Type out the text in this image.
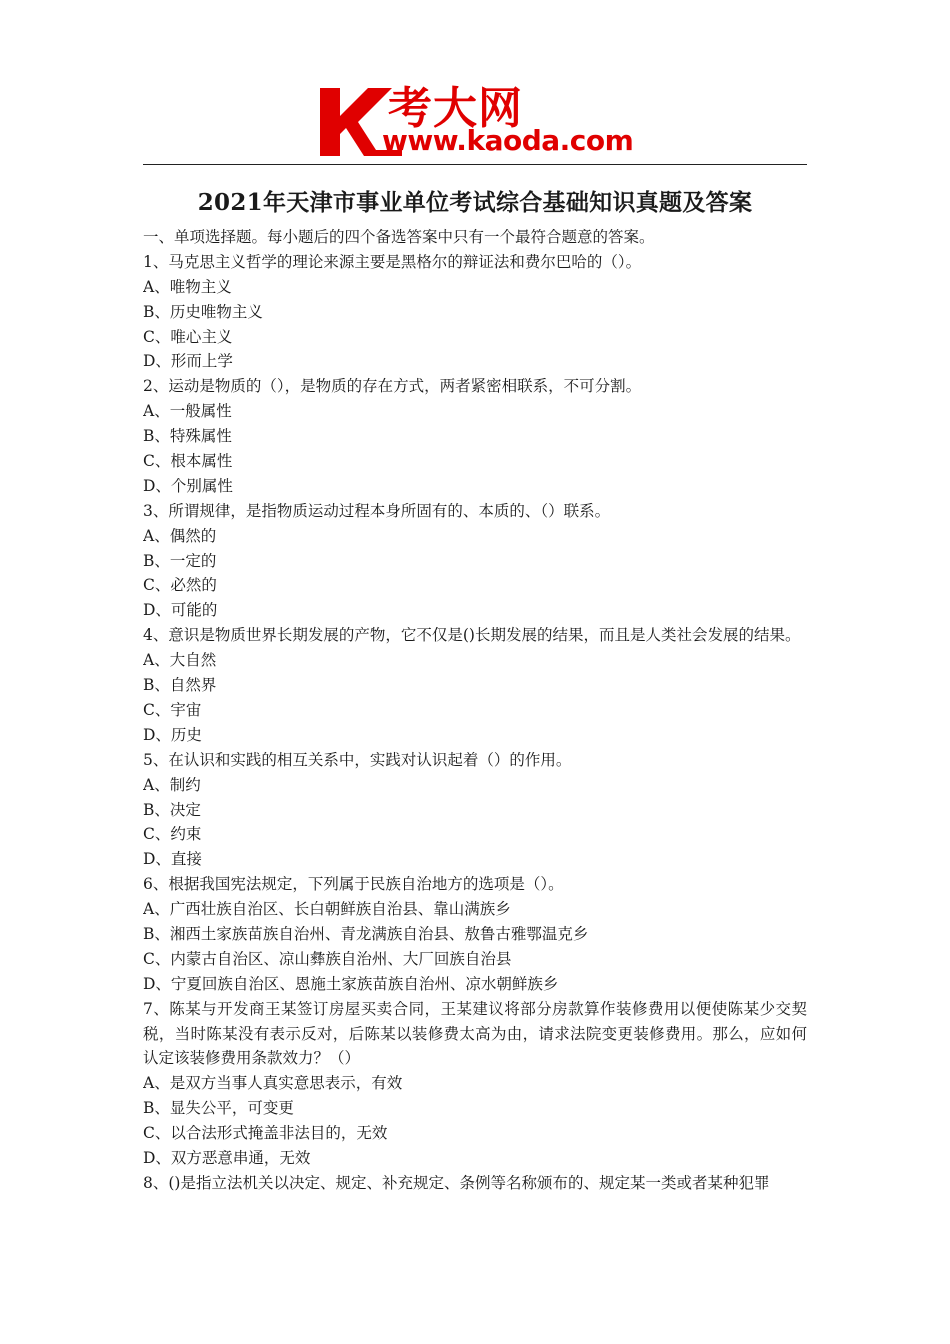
考大网
www.kaoda.com
2021年天津市事业单位考试综合基础知识真题及答案
一、单项选择题。每小题后的四个备选答案中只有一个最符合题意的答案。
1、马克思主义哲学的理论来源主要是黑格尔的辩证法和费尔巴哈的（）。
A、唯物主义
B、历史唯物主义
C、唯心主义
D、形而上学
2、运动是物质的（），是物质的存在方式，两者紧密相联系，不可分割。
A、一般属性
B、特殊属性
C、根本属性
D、个别属性
3、所谓规律，是指物质运动过程本身所固有的、本质的、（）联系。
A、偶然的
B、一定的
C、必然的
D、可能的
4、意识是物质世界长期发展的产物，它不仅是()长期发展的结果，而且是人类社会发展的结果。
A、大自然
B、自然界
C、宇宙
D、历史
5、在认识和实践的相互关系中，实践对认识起着（）的作用。
A、制约
B、决定
C、约束
D、直接
6、根据我国宪法规定，下列属于民族自治地方的选项是（）。
A、广西壮族自治区、长白朝鲜族自治县、靠山满族乡
B、湘西土家族苗族自治州、青龙满族自治县、敖鲁古雅鄂温克乡
C、内蒙古自治区、凉山彝族自治州、大厂回族自治县
D、宁夏回族自治区、恩施土家族苗族自治州、凉水朝鲜族乡
7、陈某与开发商王某签订房屋买卖合同，王某建议将部分房款算作装修费用以便使陈某少交契税，当时陈某没有表示反对，后陈某以装修费太高为由，请求法院变更装修费用。那么，应如何认定该装修费用条款效力？（）
A、是双方当事人真实意思表示，有效
B、显失公平，可变更
C、以合法形式掩盖非法目的，无效
D、双方恶意串通，无效
8、()是指立法机关以决定、规定、补充规定、条例等名称颁布的、规定某一类或者某种犯罪
